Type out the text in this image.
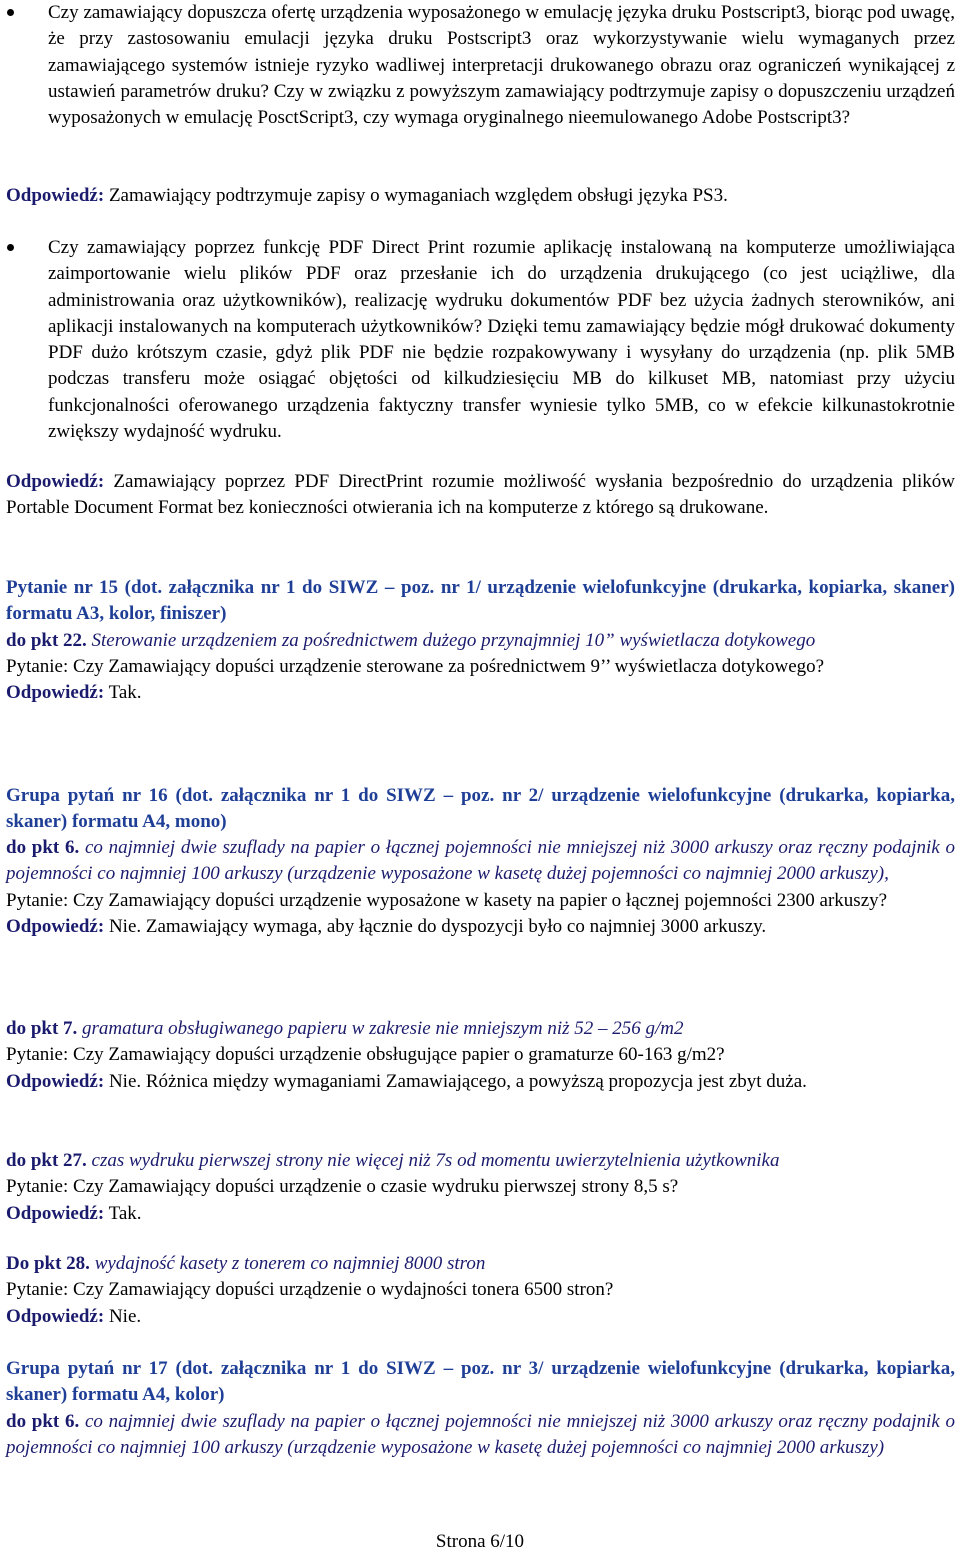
Czy zamawiający dopuszcza ofertę urządzenia wyposażonego w emulację języka druku Postscript3, biorąc pod uwagę, że przy zastosowaniu emulacji języka druku Postscript3 oraz wykorzystywanie wielu wymaganych przez zamawiającego systemów istnieje ryzyko wadliwej interpretacji drukowanego obrazu oraz ograniczeń wynikającej z ustawień parametrów druku? Czy w związku z powyższym zamawiający podtrzymuje zapisy o dopuszczeniu urządzeń wyposażonych w emulację PosctScript3, czy wymaga oryginalnego nieemulowanego Adobe Postscript3?

Odpowiedź: Zamawiający podtrzymuje zapisy o wymaganiach względem obsługi języka PS3.

Czy zamawiający poprzez funkcję PDF Direct Print rozumie aplikację instalowaną na komputerze umożliwiająca zaimportowanie wielu plików PDF oraz przesłanie ich do urządzenia drukującego (co jest uciążliwe, dla administrowania oraz użytkowników), realizację wydruku dokumentów PDF bez użycia żadnych sterowników, ani aplikacji instalowanych na komputerach użytkowników? Dzięki temu zamawiający będzie mógł drukować dokumenty PDF dużo krótszym czasie, gdyż plik PDF nie będzie rozpakowywany i wysyłany do urządzenia (np. plik 5MB podczas transferu może osiągać objętości od kilkudziesięciu MB do kilkuset MB, natomiast przy użyciu funkcjonalności oferowanego urządzenia faktyczny transfer wyniesie tylko 5MB, co w efekcie kilkunastokrotnie zwiększy wydajność wydruku.

Odpowiedź: Zamawiający poprzez PDF DirectPrint rozumie możliwość wysłania bezpośrednio do urządzenia plików Portable Document Format bez konieczności otwierania ich na komputerze z którego są drukowane.

Pytanie nr 15 (dot. załącznika nr 1 do SIWZ – poz. nr 1/ urządzenie wielofunkcyjne (drukarka, kopiarka, skaner) formatu A3, kolor, finiszer)

do pkt 22. Sterowanie urządzeniem za pośrednictwem dużego przynajmniej 10” wyświetlacza dotykowego

Pytanie: Czy Zamawiający dopuści urządzenie sterowane za pośrednictwem 9’’ wyświetlacza dotykowego?

Odpowiedź: Tak.

Grupa pytań nr 16 (dot. załącznika nr 1 do SIWZ – poz. nr 2/ urządzenie wielofunkcyjne (drukarka, kopiarka, skaner) formatu A4, mono)

do pkt 6. co najmniej dwie szuflady na papier o łącznej pojemności nie mniejszej niż 3000 arkuszy oraz ręczny podajnik o pojemności co najmniej 100 arkuszy (urządzenie wyposażone w kasetę dużej pojemności co najmniej 2000 arkuszy),

Pytanie: Czy Zamawiający dopuści urządzenie wyposażone w kasety na papier o łącznej pojemności 2300 arkuszy?

Odpowiedź: Nie. Zamawiający wymaga, aby łącznie do dyspozycji było co najmniej 3000 arkuszy.

do pkt 7. gramatura obsługiwanego papieru w zakresie nie mniejszym niż 52 – 256 g/m2

Pytanie: Czy Zamawiający dopuści urządzenie obsługujące papier o gramaturze 60-163 g/m2?

Odpowiedź: Nie. Różnica między wymaganiami Zamawiającego, a powyższą propozycja jest zbyt duża.

do pkt 27. czas wydruku pierwszej strony nie więcej niż 7s od momentu uwierzytelnienia użytkownika

Pytanie: Czy Zamawiający dopuści urządzenie o czasie wydruku pierwszej strony 8,5 s?

Odpowiedź: Tak.

Do pkt 28. wydajność kasety z tonerem co najmniej 8000 stron

Pytanie: Czy Zamawiający dopuści urządzenie o wydajności tonera 6500 stron?

Odpowiedź: Nie.

Grupa pytań nr 17 (dot. załącznika nr 1 do SIWZ – poz. nr 3/ urządzenie wielofunkcyjne (drukarka, kopiarka, skaner) formatu A4, kolor)

do pkt 6. co najmniej dwie szuflady na papier o łącznej pojemności nie mniejszej niż 3000 arkuszy oraz ręczny podajnik o pojemności co najmniej 100 arkuszy (urządzenie wyposażone w kasetę dużej pojemności co najmniej 2000 arkuszy)

Strona 6/10
